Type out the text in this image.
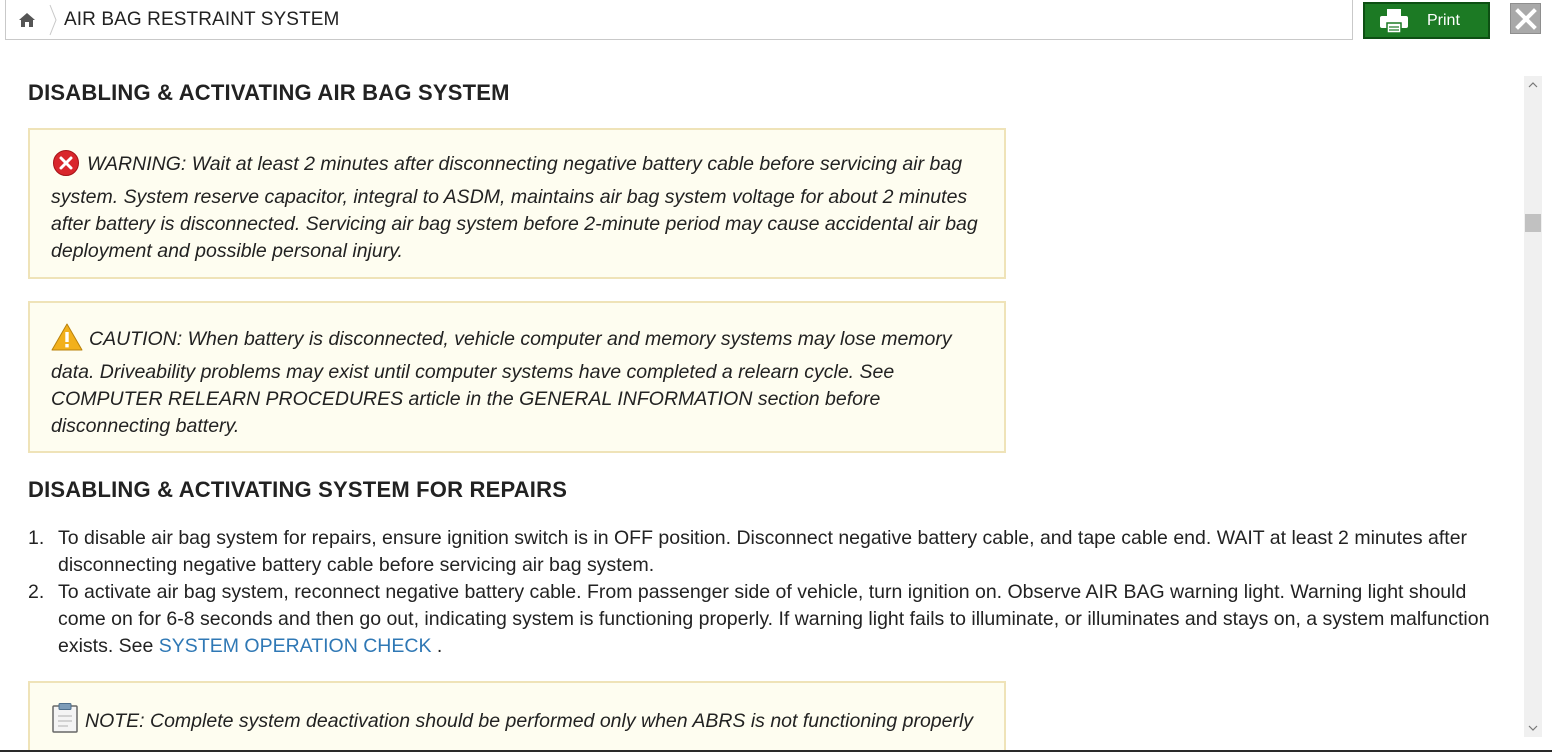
AIR BAG RESTRAINT SYSTEM	Print
DISABLING & ACTIVATING AIR BAG SYSTEM
WARNING: Wait at least 2 minutes after disconnecting negative battery cable before servicing air bag system. System reserve capacitor, integral to ASDM, maintains air bag system voltage for about 2 minutes after battery is disconnected. Servicing air bag system before 2-minute period may cause accidental air bag deployment and possible personal injury.
CAUTION: When battery is disconnected, vehicle computer and memory systems may lose memory data. Driveability problems may exist until computer systems have completed a relearn cycle. See COMPUTER RELEARN PROCEDURES article in the GENERAL INFORMATION section before disconnecting battery.
DISABLING & ACTIVATING SYSTEM FOR REPAIRS
1. To disable air bag system for repairs, ensure ignition switch is in OFF position. Disconnect negative battery cable, and tape cable end. WAIT at least 2 minutes after disconnecting negative battery cable before servicing air bag system.
2. To activate air bag system, reconnect negative battery cable. From passenger side of vehicle, turn ignition on. Observe AIR BAG warning light. Warning light should come on for 6-8 seconds and then go out, indicating system is functioning properly. If warning light fails to illuminate, or illuminates and stays on, a system malfunction exists. See SYSTEM OPERATION CHECK .
NOTE: Complete system deactivation should be performed only when ABRS is not functioning properly
